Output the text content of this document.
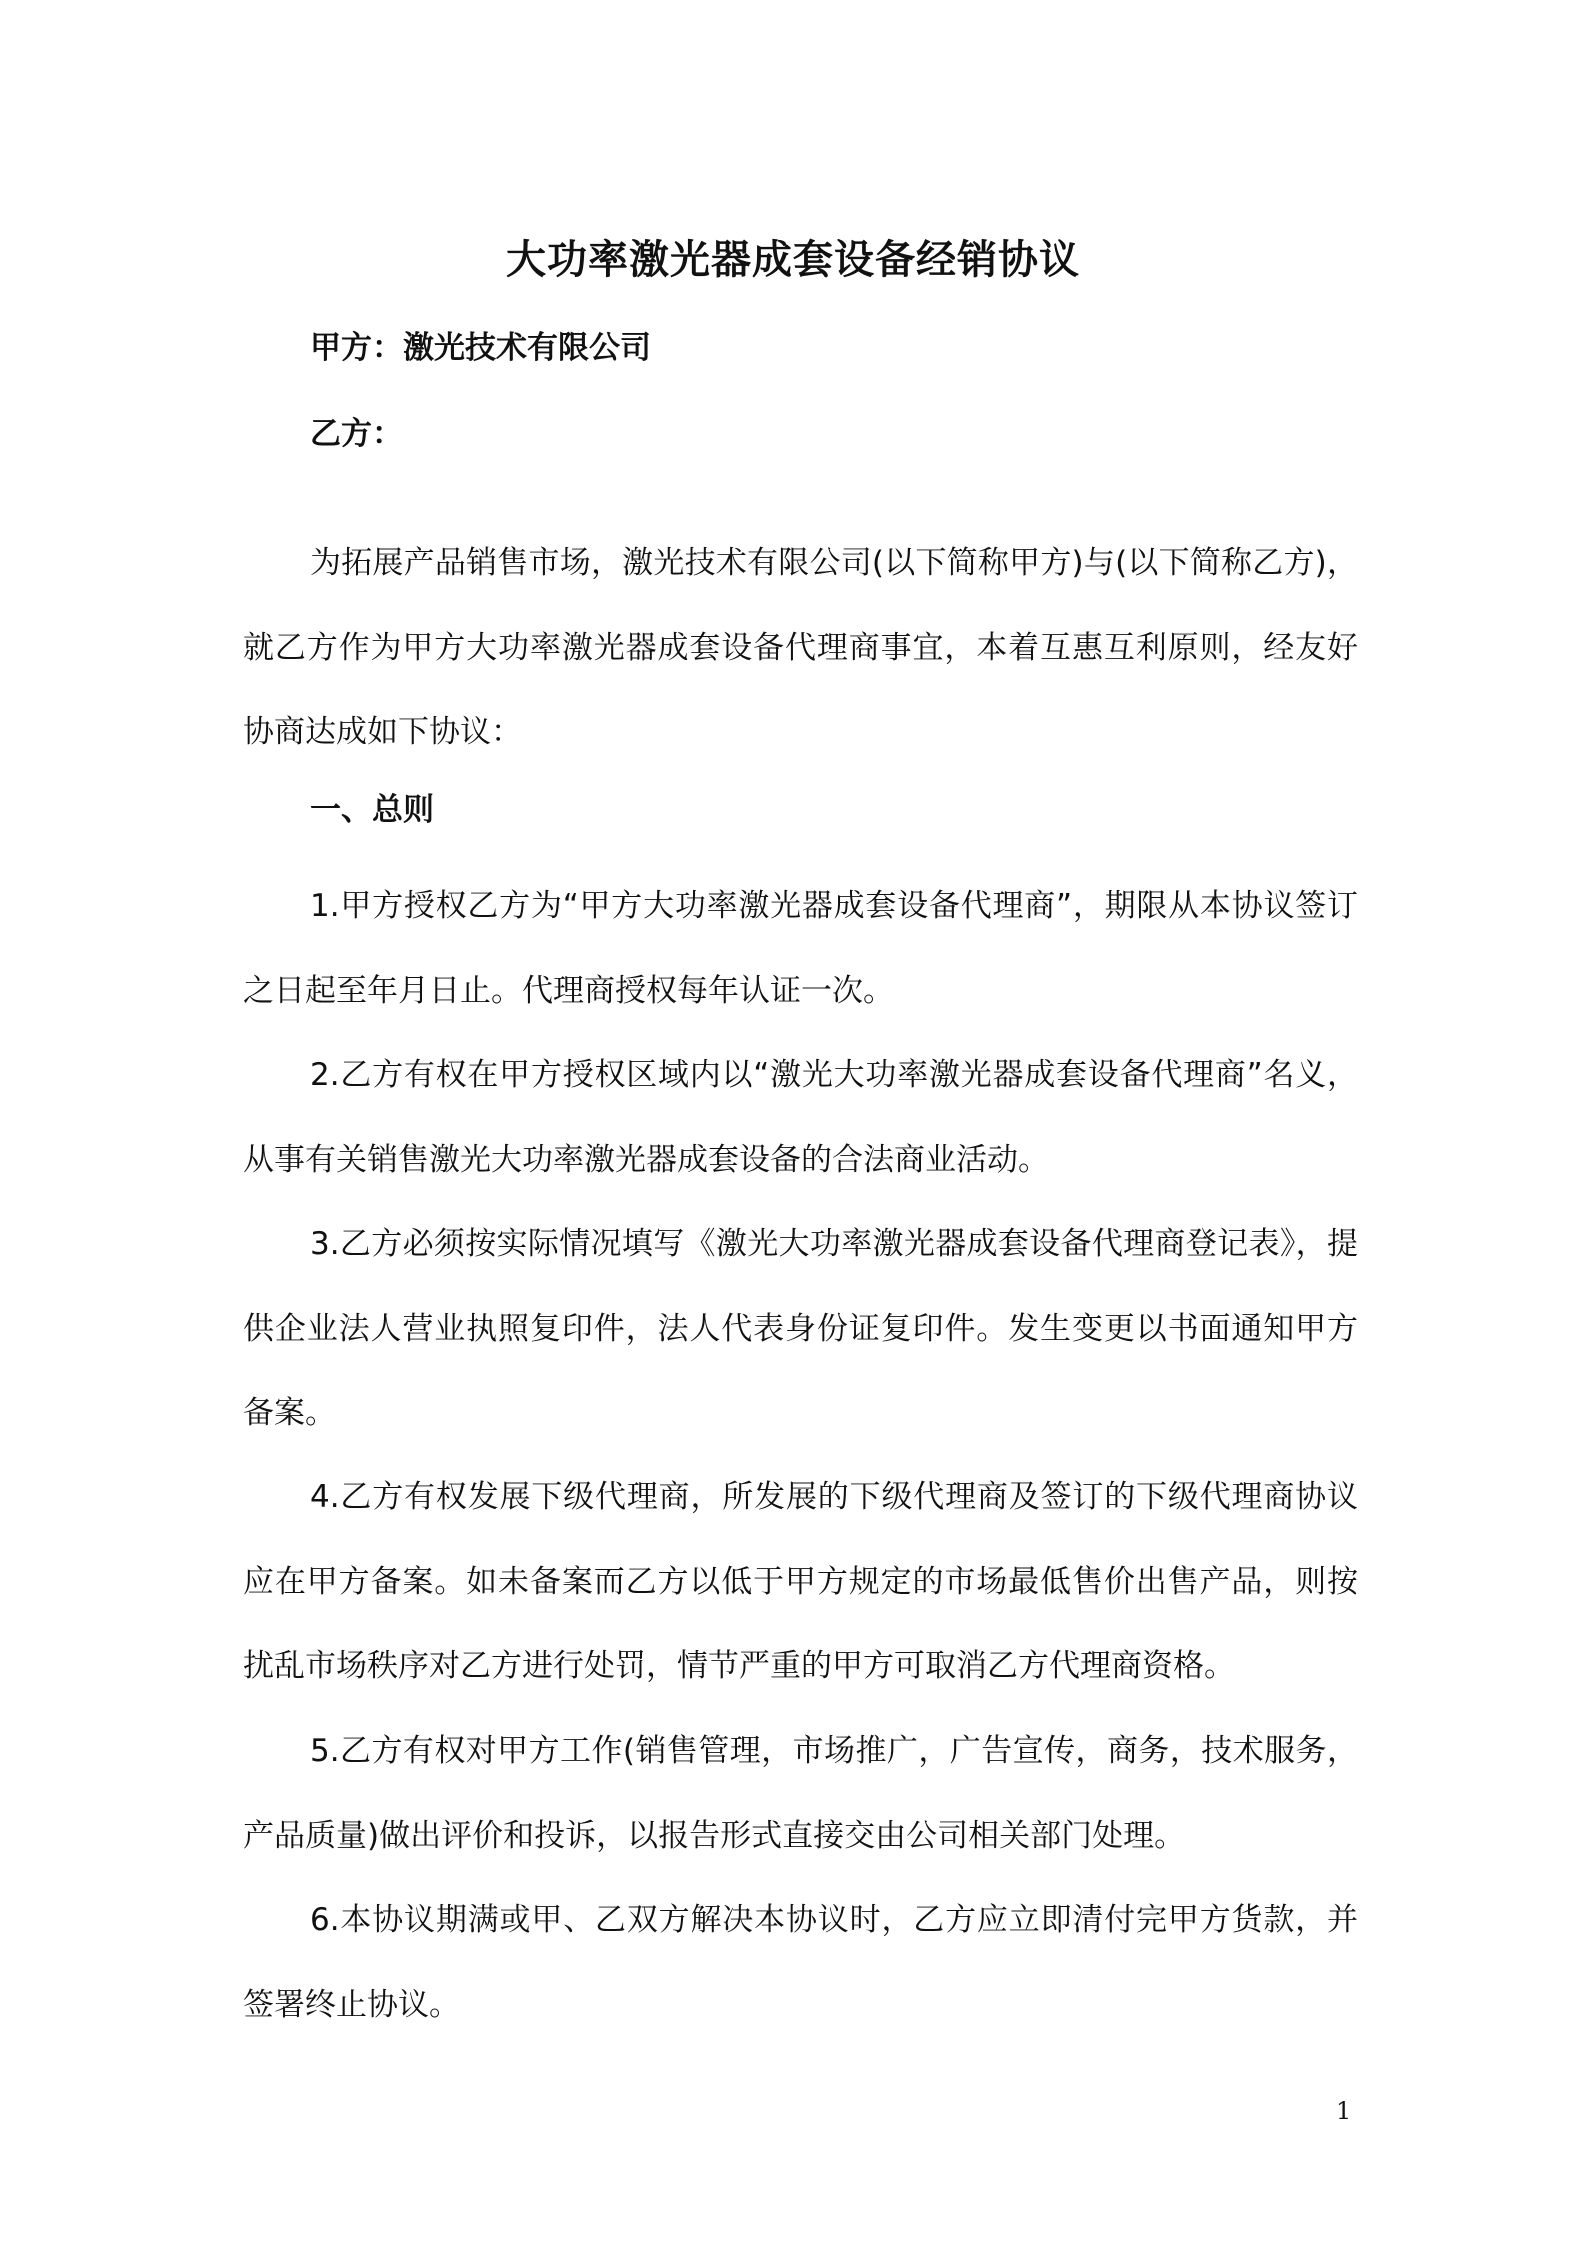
大功率激光器成套设备经销协议

甲方：激光技术有限公司

乙方：

为拓展产品销售市场，激光技术有限公司(以下简称甲方)与(以下简称乙方)，就乙方作为甲方大功率激光器成套设备代理商事宜，本着互惠互利原则，经友好协商达成如下协议：

一、总则

1.甲方授权乙方为“甲方大功率激光器成套设备代理商”，期限从本协议签订之日起至年月日止。代理商授权每年认证一次。

2.乙方有权在甲方授权区域内以“激光大功率激光器成套设备代理商”名义，从事有关销售激光大功率激光器成套设备的合法商业活动。

3.乙方必须按实际情况填写《激光大功率激光器成套设备代理商登记表》，提供企业法人营业执照复印件，法人代表身份证复印件。发生变更以书面通知甲方备案。

4.乙方有权发展下级代理商，所发展的下级代理商及签订的下级代理商协议应在甲方备案。如未备案而乙方以低于甲方规定的市场最低售价出售产品，则按扰乱市场秩序对乙方进行处罚，情节严重的甲方可取消乙方代理商资格。

5.乙方有权对甲方工作(销售管理，市场推广，广告宣传，商务，技术服务，产品质量)做出评价和投诉，以报告形式直接交由公司相关部门处理。

6.本协议期满或甲、乙双方解决本协议时，乙方应立即清付完甲方货款，并签署终止协议。

1
